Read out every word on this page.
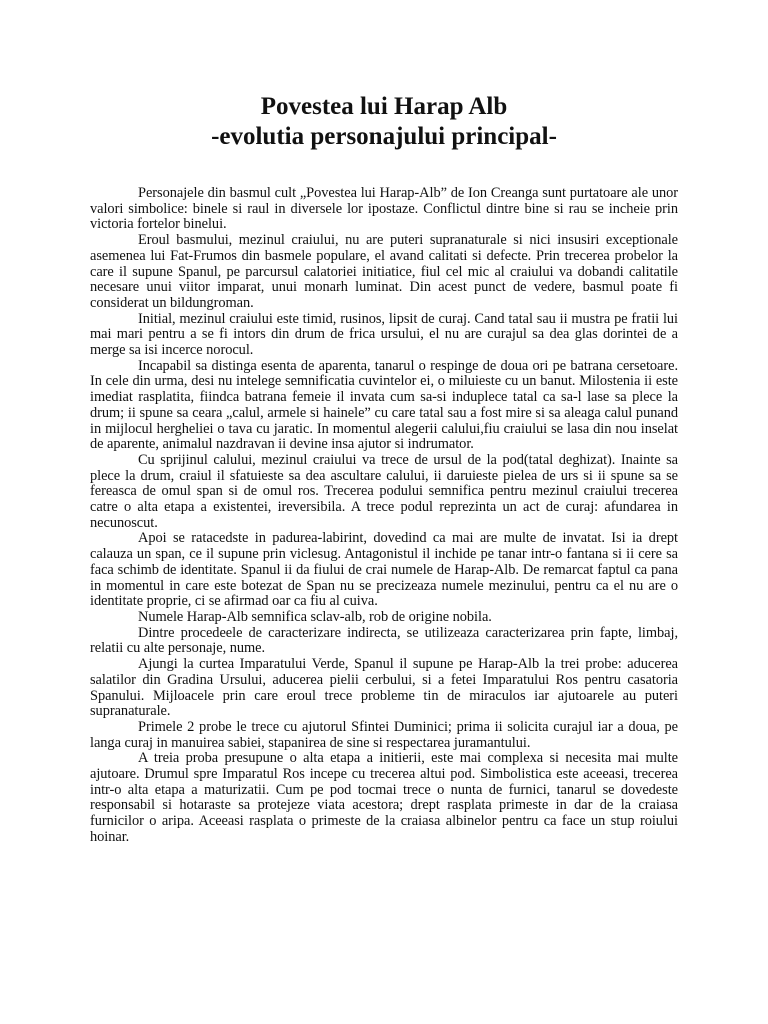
Povestea lui Harap Alb
-evolutia personajului principal-

Personajele din basmul cult „Povestea lui Harap-Alb” de Ion Creanga sunt purtatoare ale unor valori simbolice: binele si raul in diversele lor ipostaze. Conflictul dintre bine si rau se incheie prin victoria fortelor binelui.

Eroul basmului, mezinul craiului, nu are puteri supranaturale si nici insusiri exceptionale asemenea lui Fat-Frumos din basmele populare, el avand calitati si defecte. Prin trecerea probelor la care il supune Spanul, pe parcursul calatoriei initiatice, fiul cel mic al craiului va dobandi calitatile necesare unui viitor imparat, unui monarh luminat. Din acest punct de vedere, basmul poate fi considerat un bildungroman.

Initial, mezinul craiului este timid, rusinos, lipsit de curaj. Cand tatal sau ii mustra pe fratii lui mai mari pentru a se fi intors din drum de frica ursului, el nu are curajul sa dea glas dorintei de a merge sa isi incerce norocul.

Incapabil sa distinga esenta de aparenta, tanarul o respinge de doua ori pe batrana cersetoare. In cele din urma, desi nu intelege semnificatia cuvintelor ei, o miluieste cu un banut. Milostenia ii este imediat rasplatita, fiindca batrana femeie il invata cum sa-si induplece tatal ca sa-l lase sa plece la drum; ii spune sa ceara „calul, armele si hainele” cu care tatal sau a fost mire si sa aleaga calul punand in mijlocul hergheliei o tava cu jaratic. In momentul alegerii calului,fiu craiului se lasa din nou inselat de aparente, animalul nazdravan ii devine insa ajutor si indrumator.

Cu sprijinul calului, mezinul craiului va trece de ursul de la pod(tatal deghizat). Inainte sa plece la drum, craiul il sfatuieste sa dea ascultare calului, ii daruieste pielea de urs si ii spune sa se fereasca de omul span si de omul ros. Trecerea podului semnifica pentru mezinul craiului trecerea catre o alta etapa a existentei, ireversibila. A trece podul reprezinta un act de curaj: afundarea in necunoscut.

Apoi se ratacedste in padurea-labirint, dovedind ca mai are multe de invatat. Isi ia drept calauza un span, ce il supune prin viclesug. Antagonistul il inchide pe tanar intr-o fantana si ii cere sa faca schimb de identitate. Spanul ii da fiului de crai numele de Harap-Alb. De remarcat faptul ca pana in momentul in care este botezat de Span nu se precizeaza numele mezinului, pentru ca el nu are o identitate proprie, ci se afirmad oar ca fiu al cuiva.

Numele Harap-Alb semnifica sclav-alb, rob de origine nobila.

Dintre procedeele de caracterizare indirecta, se utilizeaza caracterizarea prin fapte, limbaj, relatii cu alte personaje, nume.

Ajungi la curtea Imparatului Verde, Spanul il supune pe Harap-Alb la trei probe: aducerea salatilor din Gradina Ursului, aducerea pielii cerbului, si a fetei Imparatului Ros pentru casatoria Spanului. Mijloacele prin care eroul trece probleme tin de miraculos iar ajutoarele au puteri supranaturale.

Primele 2 probe le trece cu ajutorul Sfintei Duminici; prima ii solicita curajul iar a doua, pe langa curaj in manuirea sabiei, stapanirea de sine si respectarea juramantului.

A treia proba presupune o alta etapa a initierii, este mai complexa si necesita mai multe ajutoare. Drumul spre Imparatul Ros incepe cu trecerea altui pod. Simbolistica este aceeasi, trecerea intr-o alta etapa a maturizatii. Cum pe pod tocmai trece o nunta de furnici, tanarul se dovedeste responsabil si hotaraste sa protejeze viata acestora; drept rasplata primeste in dar de la craiasa furnicilor o aripa. Aceeasi rasplata o primeste de la craiasa albinelor pentru ca face un stup roiului hoinar.
